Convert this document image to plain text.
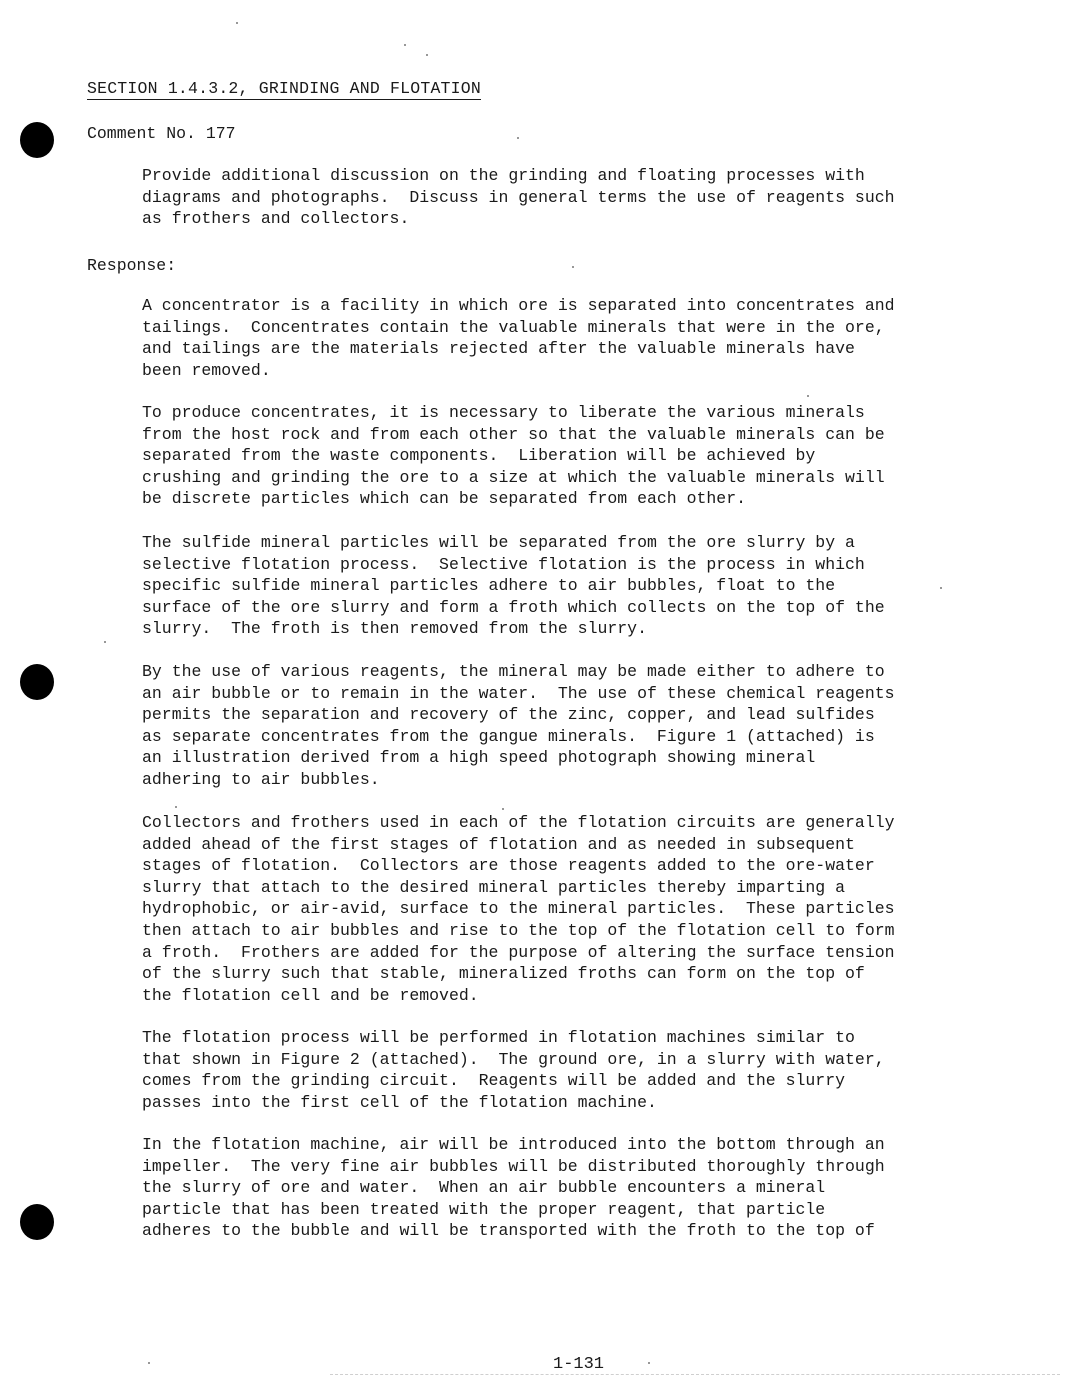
SECTION 1.4.3.2, GRINDING AND FLOTATION
Comment No. 177
Provide additional discussion on the grinding and floating processes with
diagrams and photographs.  Discuss in general terms the use of reagents such
as frothers and collectors.
Response:
A concentrator is a facility in which ore is separated into concentrates and
tailings.  Concentrates contain the valuable minerals that were in the ore,
and tailings are the materials rejected after the valuable minerals have
been removed.
To produce concentrates, it is necessary to liberate the various minerals
from the host rock and from each other so that the valuable minerals can be
separated from the waste components.  Liberation will be achieved by
crushing and grinding the ore to a size at which the valuable minerals will
be discrete particles which can be separated from each other.
The sulfide mineral particles will be separated from the ore slurry by a
selective flotation process.  Selective flotation is the process in which
specific sulfide mineral particles adhere to air bubbles, float to the
surface of the ore slurry and form a froth which collects on the top of the
slurry.  The froth is then removed from the slurry.
By the use of various reagents, the mineral may be made either to adhere to
an air bubble or to remain in the water.  The use of these chemical reagents
permits the separation and recovery of the zinc, copper, and lead sulfides
as separate concentrates from the gangue minerals.  Figure 1 (attached) is
an illustration derived from a high speed photograph showing mineral
adhering to air bubbles.
Collectors and frothers used in each of the flotation circuits are generally
added ahead of the first stages of flotation and as needed in subsequent
stages of flotation.  Collectors are those reagents added to the ore-water
slurry that attach to the desired mineral particles thereby imparting a
hydrophobic, or air-avid, surface to the mineral particles.  These particles
then attach to air bubbles and rise to the top of the flotation cell to form
a froth.  Frothers are added for the purpose of altering the surface tension
of the slurry such that stable, mineralized froths can form on the top of
the flotation cell and be removed.
The flotation process will be performed in flotation machines similar to
that shown in Figure 2 (attached).  The ground ore, in a slurry with water,
comes from the grinding circuit.  Reagents will be added and the slurry
passes into the first cell of the flotation machine.
In the flotation machine, air will be introduced into the bottom through an
impeller.  The very fine air bubbles will be distributed thoroughly through
the slurry of ore and water.  When an air bubble encounters a mineral
particle that has been treated with the proper reagent, that particle
adheres to the bubble and will be transported with the froth to the top of
1-131
